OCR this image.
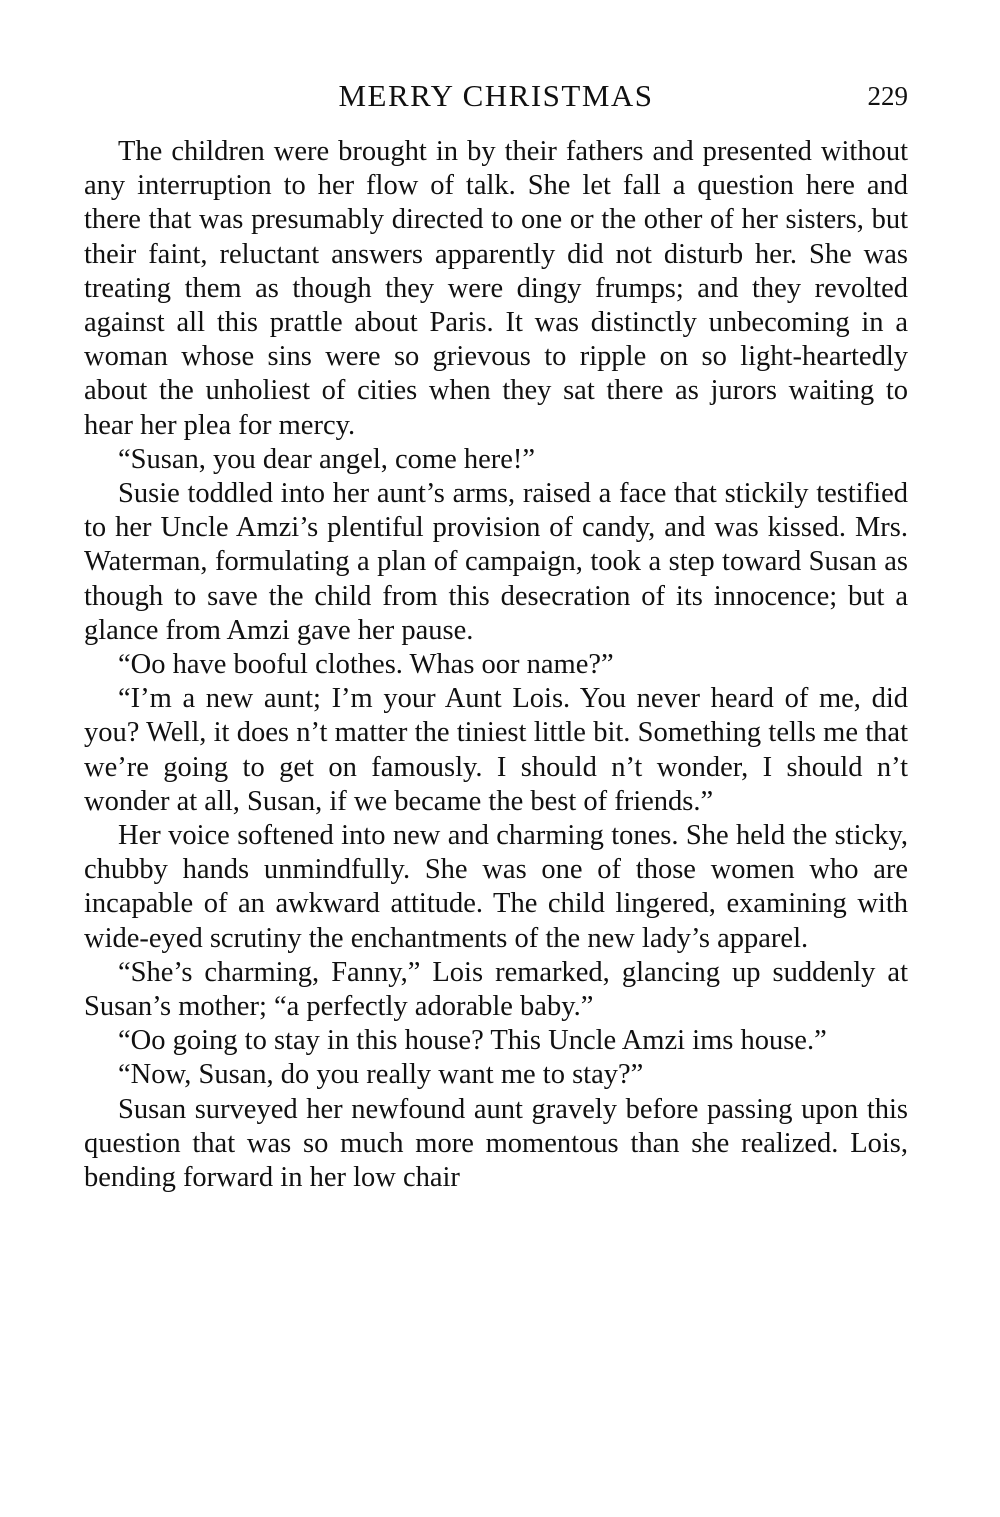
MERRY CHRISTMAS	229

The children were brought in by their fathers and presented without any interruption to her flow of talk. She let fall a question here and there that was presumably directed to one or the other of her sisters, but their faint, reluctant answers apparently did not disturb her. She was treating them as though they were dingy frumps; and they revolted against all this prattle about Paris. It was distinctly unbecoming in a woman whose sins were so grievous to ripple on so light-heartedly about the unholiest of cities when they sat there as jurors waiting to hear her plea for mercy.

“Susan, you dear angel, come here!”

Susie toddled into her aunt’s arms, raised a face that stickily testified to her Uncle Amzi’s plentiful provision of candy, and was kissed. Mrs. Waterman, formulating a plan of campaign, took a step toward Susan as though to save the child from this desecration of its innocence; but a glance from Amzi gave her pause.

“Oo have booful clothes. Whas oor name?”

“I’m a new aunt; I’m your Aunt Lois. You never heard of me, did you? Well, it does n’t matter the tiniest little bit. Something tells me that we’re going to get on famously. I should n’t wonder, I should n’t wonder at all, Susan, if we became the best of friends.”

Her voice softened into new and charming tones. She held the sticky, chubby hands unmindfully. She was one of those women who are incapable of an awkward attitude. The child lingered, examining with wide-eyed scrutiny the enchantments of the new lady’s apparel.

“She’s charming, Fanny,” Lois remarked, glancing up suddenly at Susan’s mother; “a perfectly adorable baby.”

“Oo going to stay in this house? This Uncle Amzi ims house.”

“Now, Susan, do you really want me to stay?”

Susan surveyed her newfound aunt gravely before passing upon this question that was so much more momentous than she realized. Lois, bending forward in her low chair
